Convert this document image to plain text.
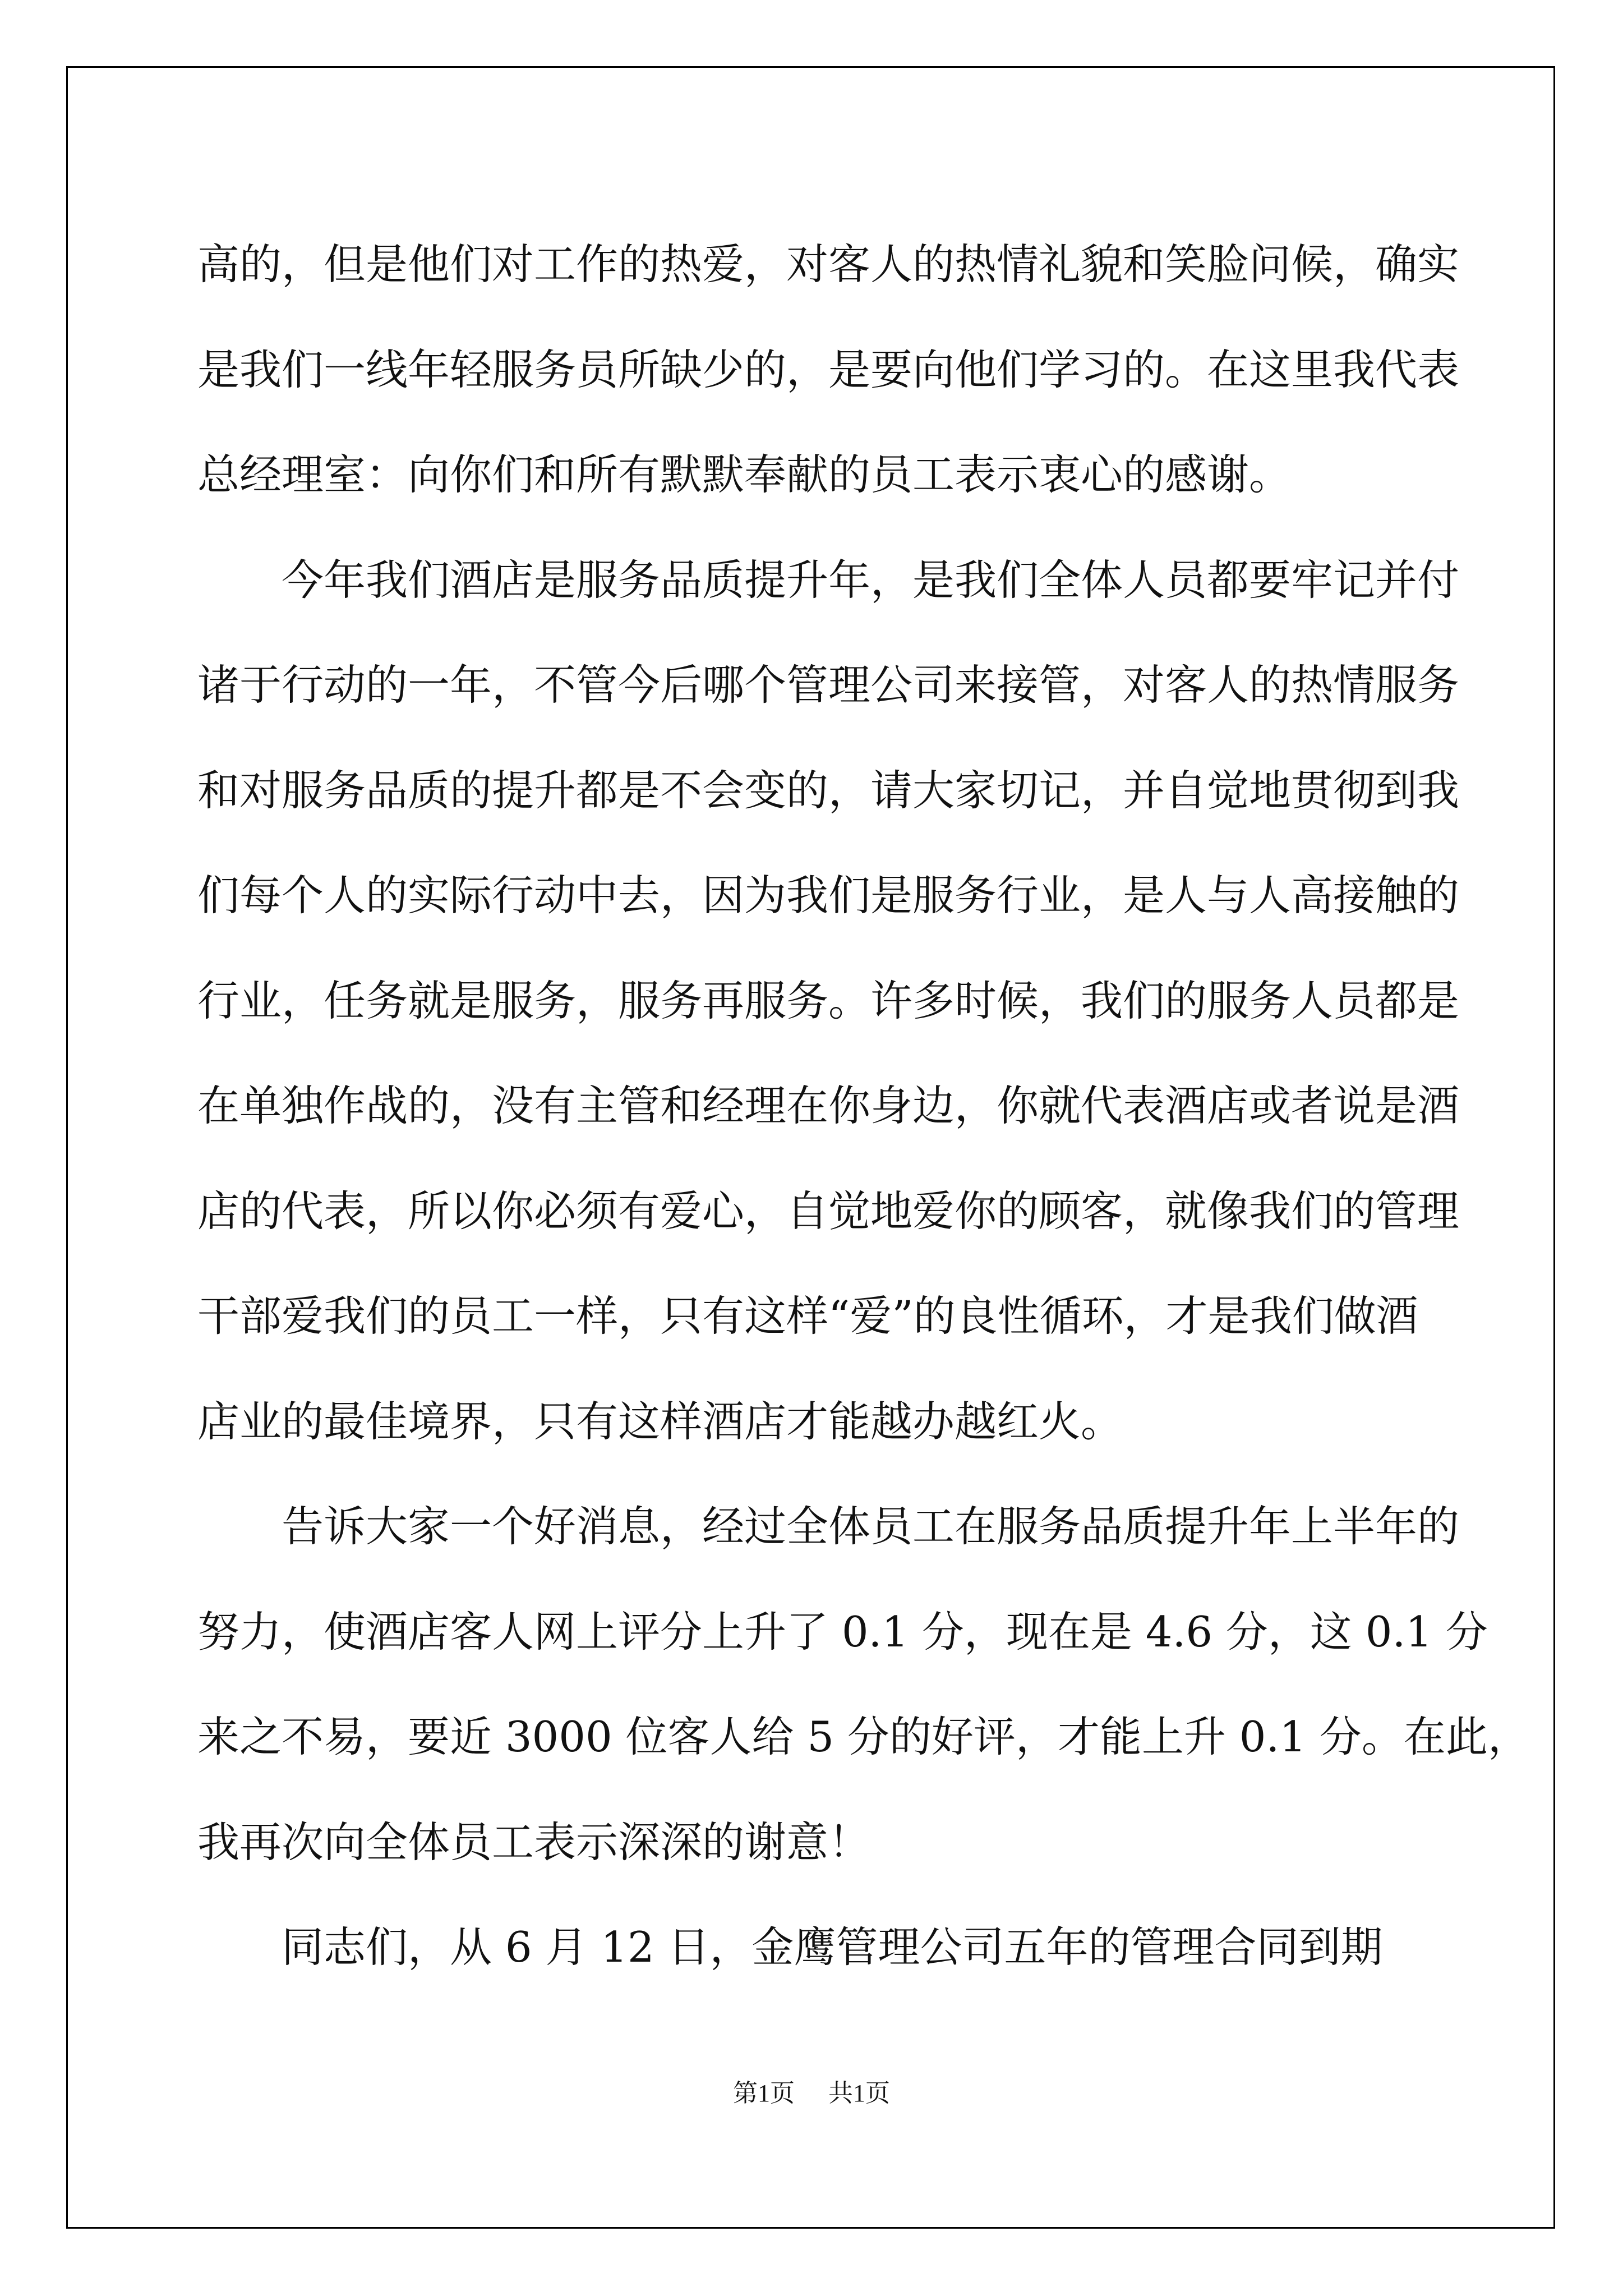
高的，但是他们对工作的热爱，对客人的热情礼貌和笑脸问候，确实
是我们一线年轻服务员所缺少的，是要向他们学习的。在这里我代表
总经理室：向你们和所有默默奉献的员工表示衷心的感谢。
　　今年我们酒店是服务品质提升年，是我们全体人员都要牢记并付
诸于行动的一年，不管今后哪个管理公司来接管，对客人的热情服务
和对服务品质的提升都是不会变的，请大家切记，并自觉地贯彻到我
们每个人的实际行动中去，因为我们是服务行业，是人与人高接触的
行业，任务就是服务，服务再服务。许多时候，我们的服务人员都是
在单独作战的，没有主管和经理在你身边，你就代表酒店或者说是酒
店的代表，所以你必须有爱心，自觉地爱你的顾客，就像我们的管理
干部爱我们的员工一样，只有这样“爱”的良性循环，才是我们做酒
店业的最佳境界，只有这样酒店才能越办越红火。
　　告诉大家一个好消息，经过全体员工在服务品质提升年上半年的
努力，使酒店客人网上评分上升了 0.1 分，现在是 4.6 分，这 0.1 分
来之不易，要近 3000 位客人给 5 分的好评，才能上升 0.1 分。在此，
我再次向全体员工表示深深的谢意！
　　同志们，从 6 月 12 日，金鹰管理公司五年的管理合同到期
第1页 共1页
